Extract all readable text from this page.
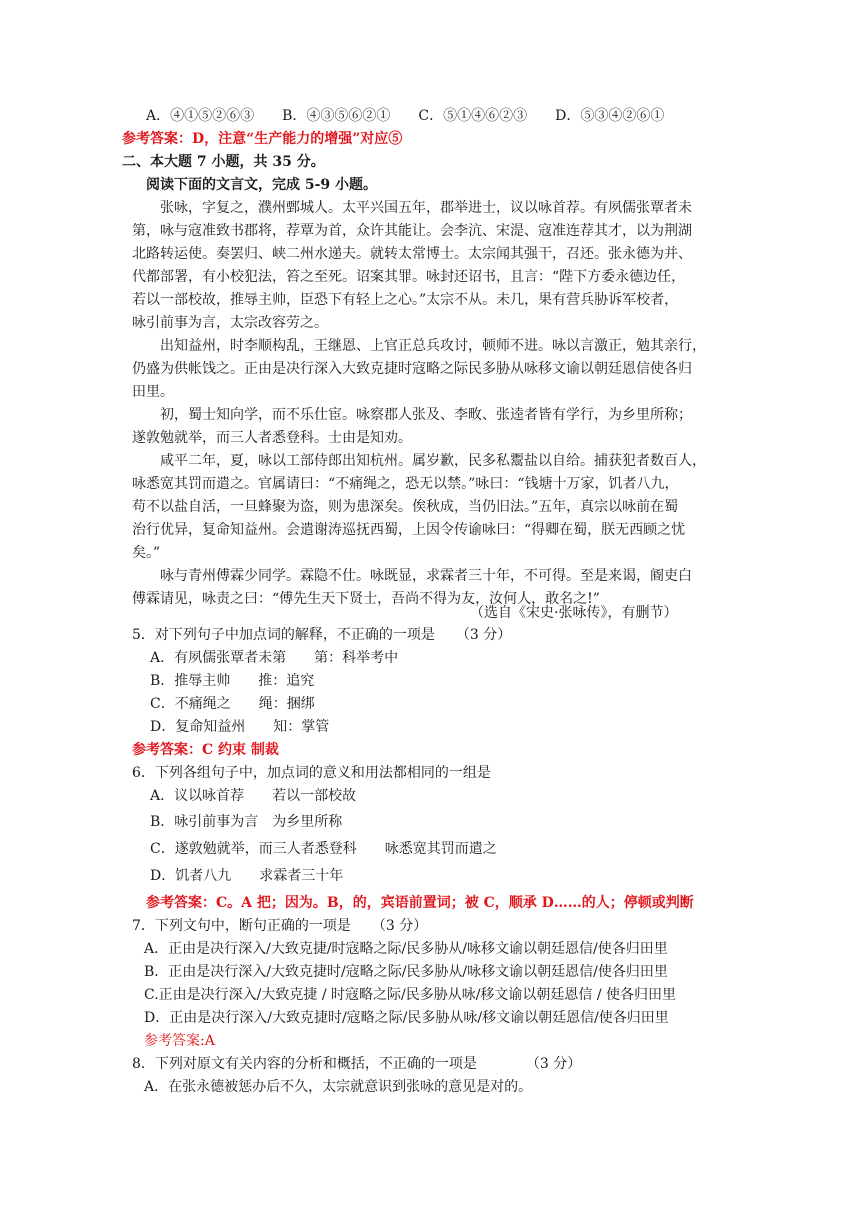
A．④①⑤②⑥③　　B．④③⑤⑥②①　　C．⑤①④⑥②③　　D．⑤③④②⑥①
参考答案：D，注意“生产能力的增强”对应⑤
二、本大题 7 小题，共 35 分。
阅读下面的文言文，完成 5-9 小题。
张咏，字复之，濮州鄄城人。太平兴国五年，郡举进士，议以咏首荐。有夙儒张覃者未
第，咏与寇准致书郡将，荐覃为首，众许其能让。会李沆、宋湜、寇准连荐其才，以为荆湖
北路转运使。奏罢归、峡二州水递夫。就转太常博士。太宗闻其强干，召还。张永德为并、
代都部署，有小校犯法，笞之至死。诏案其罪。咏封还诏书，且言：“陛下方委永德边任，
若以一部校故，推辱主帅，臣恐下有轻上之心。”太宗不从。未几，果有营兵胁诉军校者，
咏引前事为言，太宗改容劳之。
出知益州，时李顺构乱，王继恩、上官正总兵攻讨，顿师不进。咏以言激正，勉其亲行，
仍盛为供帐饯之。正由是决行深入大致克捷时寇略之际民多胁从咏移文谕以朝廷恩信使各归
田里。
初，蜀士知向学，而不乐仕宦。咏察郡人张及、李畋、张逵者皆有学行，为乡里所称；
遂敦勉就举，而三人者悉登科。士由是知劝。
咸平二年，夏，咏以工部侍郎出知杭州。属岁歉，民多私鬻盐以自给。捕获犯者数百人，
咏悉宽其罚而遣之。官属请曰：“不痛绳之，恐无以禁。”咏曰：“钱塘十万家，饥者八九，
苟不以盐自活，一旦蜂聚为盗，则为患深矣。俟秋成，当仍旧法。”五年，真宗以咏前在蜀
治行优异，复命知益州。会遣谢涛巡抚西蜀，上因令传谕咏曰：“得卿在蜀，朕无西顾之忧
矣。”
咏与青州傅霖少同学。霖隐不仕。咏既显，求霖者三十年，不可得。至是来谒，阍吏白
傅霖请见，咏责之曰：“傅先生天下贤士，吾尚不得为友，汝何人，敢名之!”
（选自《宋史·张咏传》，有删节）
5．对下列句子中加点词的解释，不正确的一项是　　（3 分）
A．有夙儒张覃者未第　　第：科举考中
B．推辱主帅　　推：追究
C．不痛绳之　　绳：捆绑
D．复命知益州　　知：掌管
参考答案：C 约束 制裁
6．下列各组句子中，加点词的意义和用法都相同的一组是
A．议以咏首荐　　若以一部校故
B．咏引前事为言　为乡里所称
C．遂敦勉就举，而三人者悉登科　　咏悉宽其罚而遣之
D．饥者八九　　求霖者三十年
参考答案：C。A 把；因为。B，的，宾语前置词；被 C，顺承 D……的人；停顿或判断
7．下列文句中，断句正确的一项是　　（3 分）
A．正由是决行深入/大致克捷/时寇略之际/民多胁从/咏移文谕以朝廷恩信/使各归田里
B．正由是决行深入/大致克捷时/寇略之际/民多胁从/咏移文谕以朝廷恩信/使各归田里
C.正由是决行深入/大致克捷 / 时寇略之际/民多胁从咏/移文谕以朝廷恩信 / 使各归田里
D．正由是决行深入/大致克捷时/寇略之际/民多胁从咏/移文谕以朝廷恩信/使各归田里
参考答案:A
8．下列对原文有关内容的分析和概括，不正确的一项是　　　　（3 分）
A．在张永德被惩办后不久，太宗就意识到张咏的意见是对的。
